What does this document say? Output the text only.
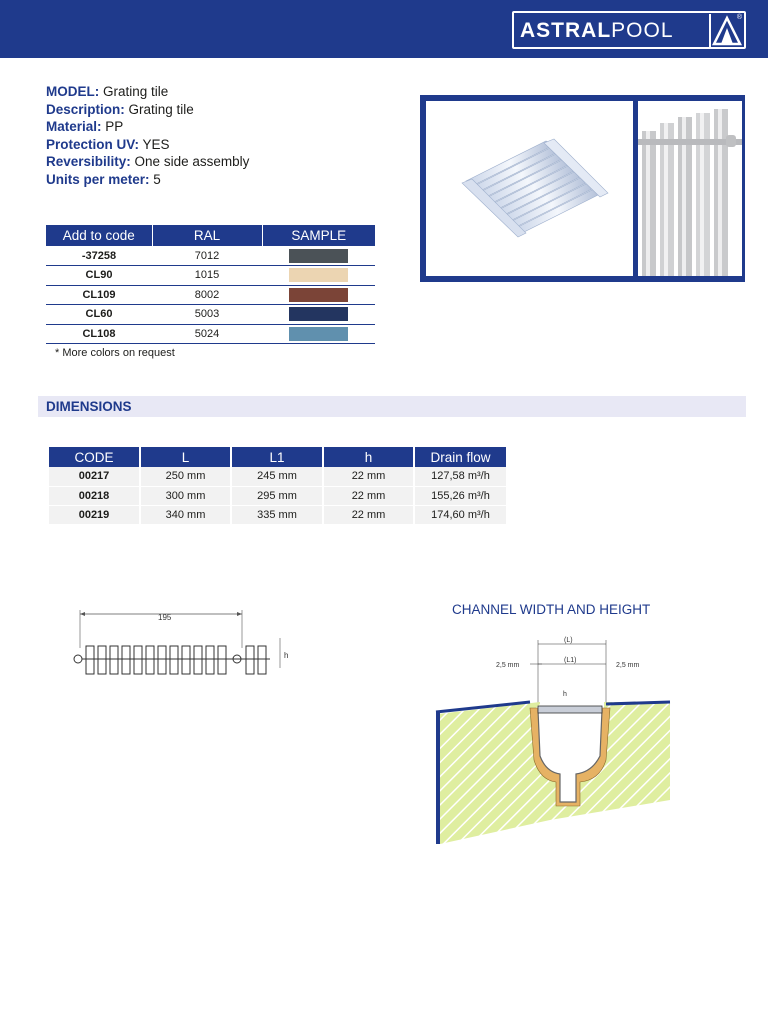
ASTRALPOOL
®
MODEL: Grating tile
Description: Grating tile
Material: PP
Protection UV: YES
Reversibility: One side assembly
Units per meter: 5
Add to code	RAL	SAMPLE
-37258	7012	
CL90	1015	
CL109	8002	
CL60	5003	
CL108	5024	
* More colors on request
DIMENSIONS
CODE	L	L1	h	Drain flow
00217	250 mm	245 mm	22 mm	127,58 m³/h
00218	300 mm	295 mm	22 mm	155,26 m³/h
00219	340 mm	335 mm	22 mm	174,60 m³/h
195
h
CHANNEL WIDTH AND HEIGHT
(L)
(L1)
2,5 mm	2,5 mm
h
